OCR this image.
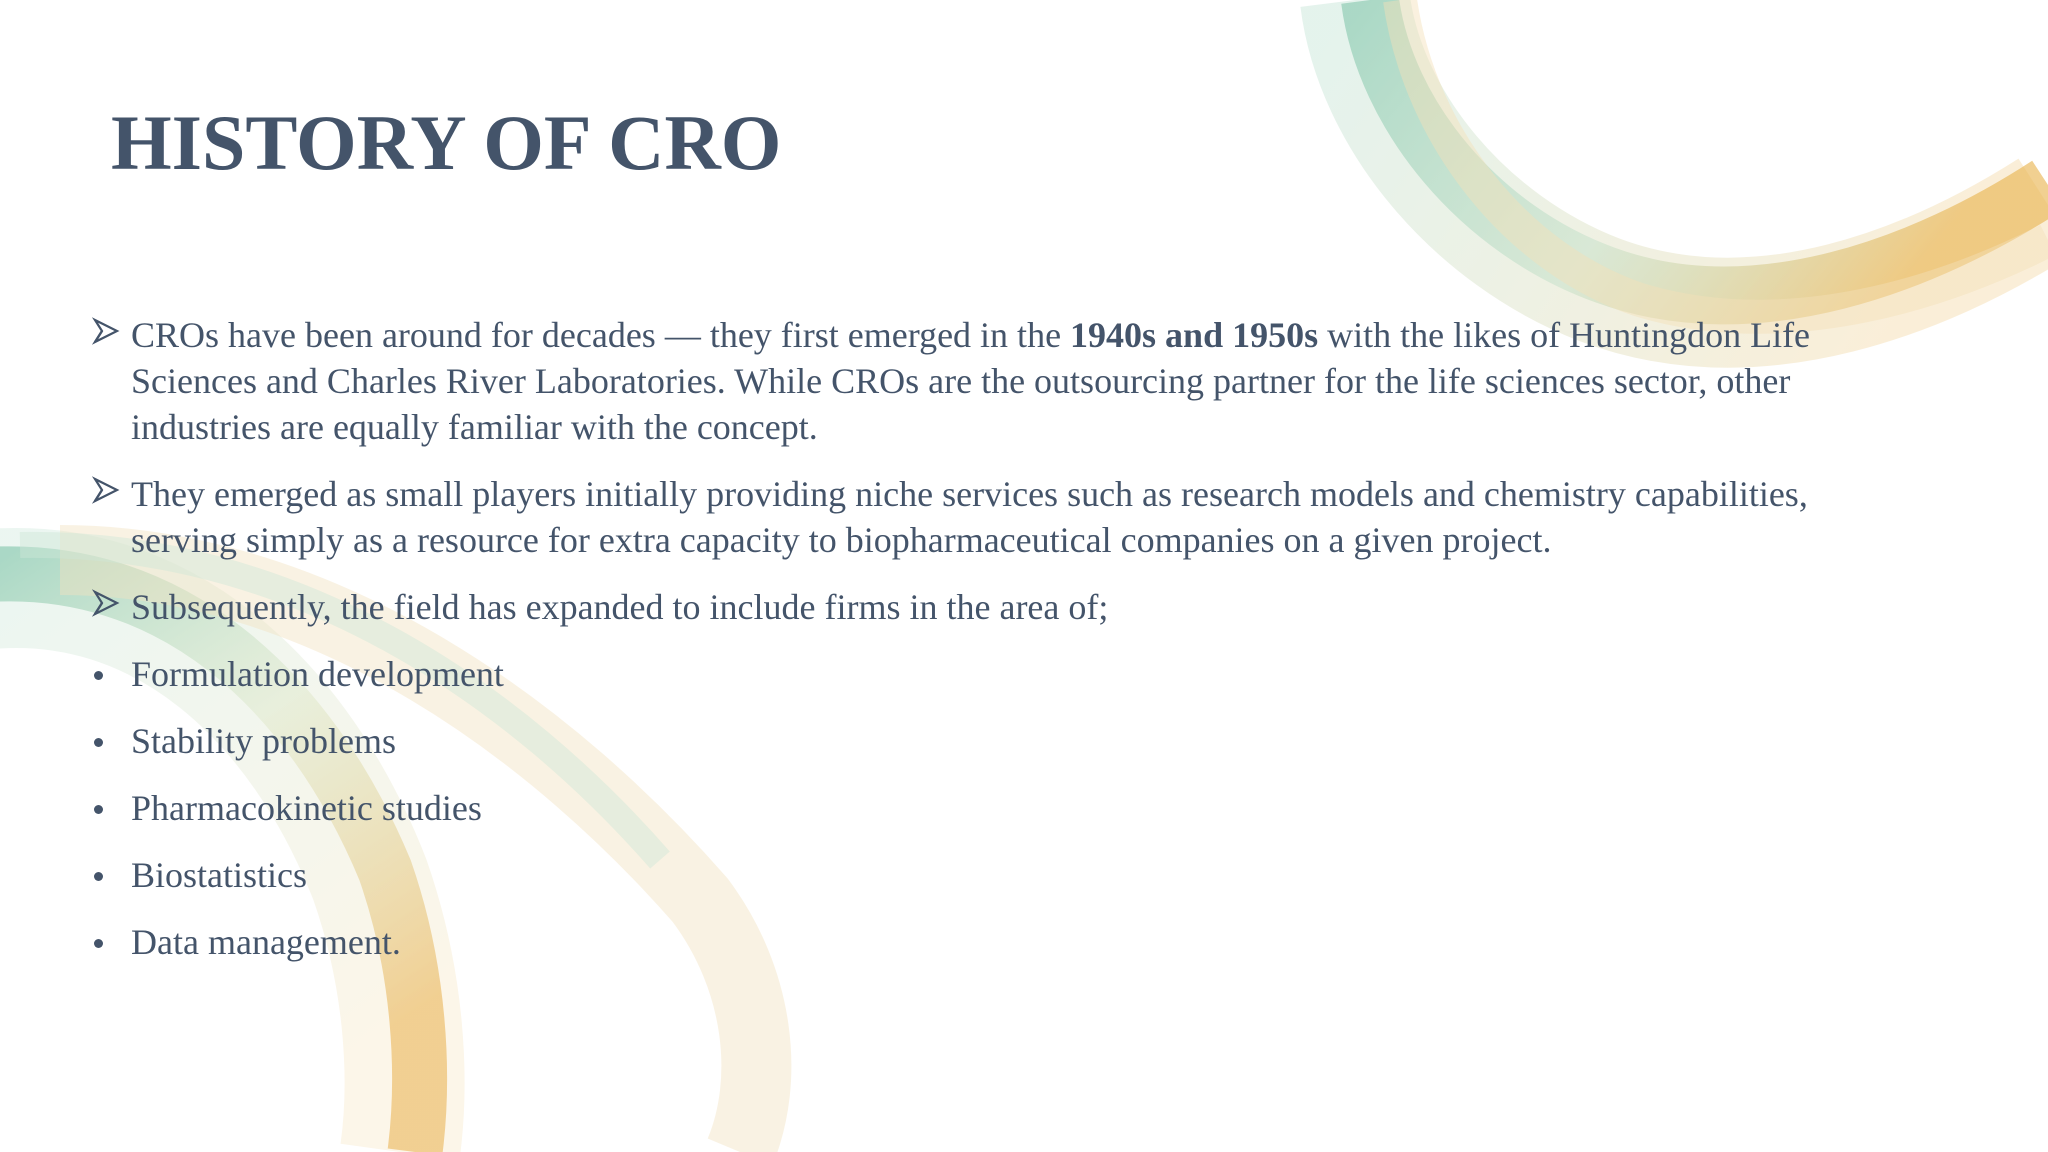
HISTORY OF CRO
CROs have been around for decades — they first emerged in the 1940s and 1950s with the likes of Huntingdon Life Sciences and Charles River Laboratories. While CROs are the outsourcing partner for the life sciences sector, other industries are equally familiar with the concept.
They emerged as small players initially providing niche services such as research models and chemistry capabilities, serving simply as a resource for extra capacity to biopharmaceutical companies on a given project.
Subsequently, the field has expanded to include firms in the area of;
Formulation development
Stability problems
Pharmacokinetic studies
Biostatistics
Data management.
